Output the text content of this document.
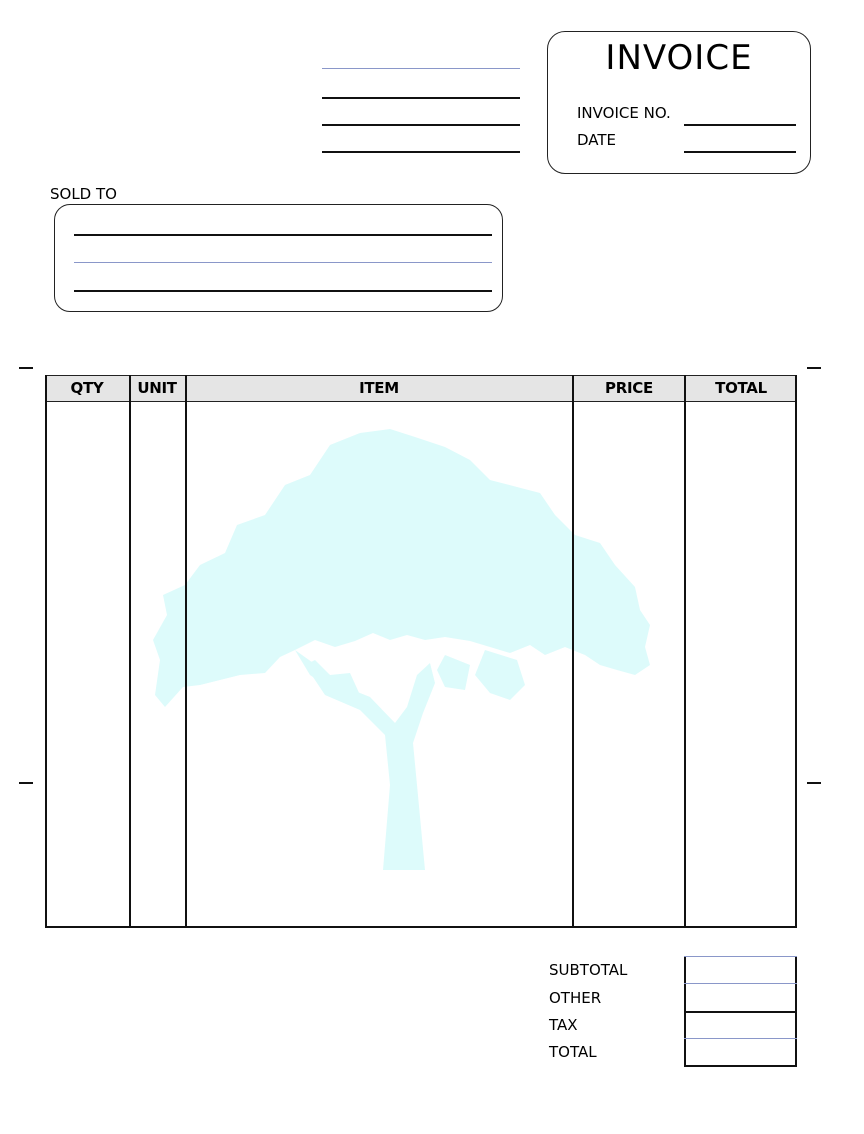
INVOICE
INVOICE NO.
DATE
SOLD TO
QTY	UNIT	ITEM	PRICE	TOTAL
SUBTOTAL
OTHER
TAX
TOTAL
